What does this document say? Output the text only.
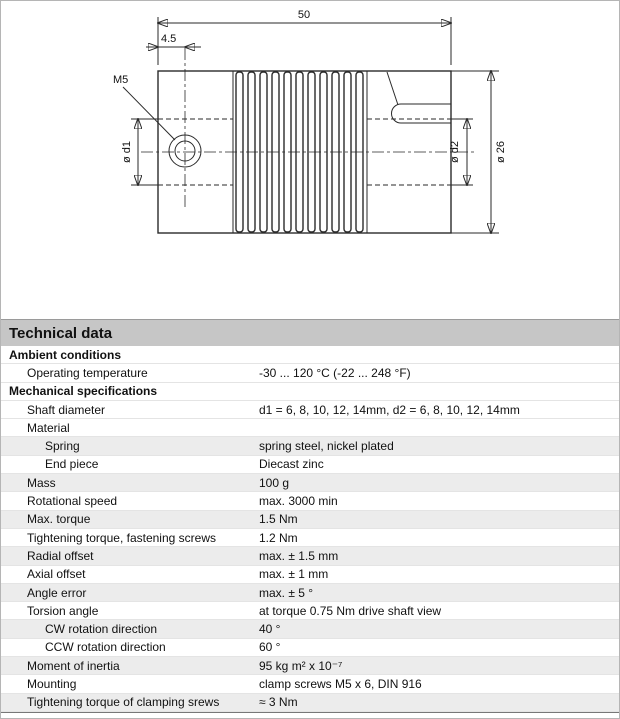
50
4.5
M5
ø d1	ø d2	ø 26
Technical data
Ambient conditions
Operating temperature	-30 ... 120 °C (-22 ... 248 °F)
Mechanical specifications
Shaft diameter	d1 = 6, 8, 10, 12, 14mm, d2 = 6, 8, 10, 12, 14mm
Material
Spring	spring steel, nickel plated
End piece	Diecast zinc
Mass	100 g
Rotational speed	max. 3000 min
Max. torque	1.5 Nm
Tightening torque, fastening screws	1.2 Nm
Radial offset	max. ± 1.5 mm
Axial offset	max. ± 1 mm
Angle error	max. ± 5 °
Torsion angle	at torque 0.75 Nm drive shaft view
CW rotation direction	40 °
CCW rotation direction	60 °
Moment of inertia	95 kg m² x 10⁻⁷
Mounting	clamp screws M5 x 6, DIN 916
Tightening torque of clamping srews	≈ 3 Nm
